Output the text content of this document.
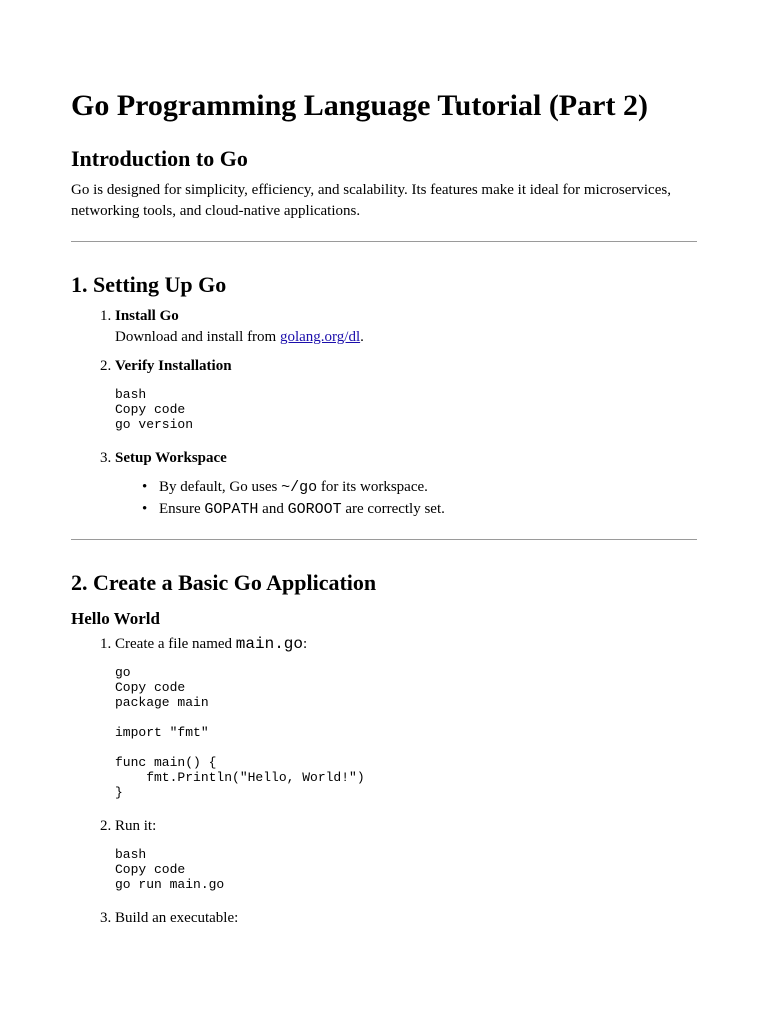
Go Programming Language Tutorial (Part 2)
Introduction to Go

Go is designed for simplicity, efficiency, and scalability. Its features make it ideal for microservices, networking tools, and cloud-native applications.

1. Setting Up Go
1. Install Go
Download and install from golang.org/dl.
2. Verify Installation
bash
Copy code
go version
3. Setup Workspace
• By default, Go uses ~/go for its workspace.
• Ensure GOPATH and GOROOT are correctly set.
2. Create a Basic Go Application
Hello World
1. Create a file named main.go:
go
Copy code
package main

import "fmt"

func main() {
fmt.Println("Hello, World!")
}
2. Run it:
bash
Copy code
go run main.go
3. Build an executable:
